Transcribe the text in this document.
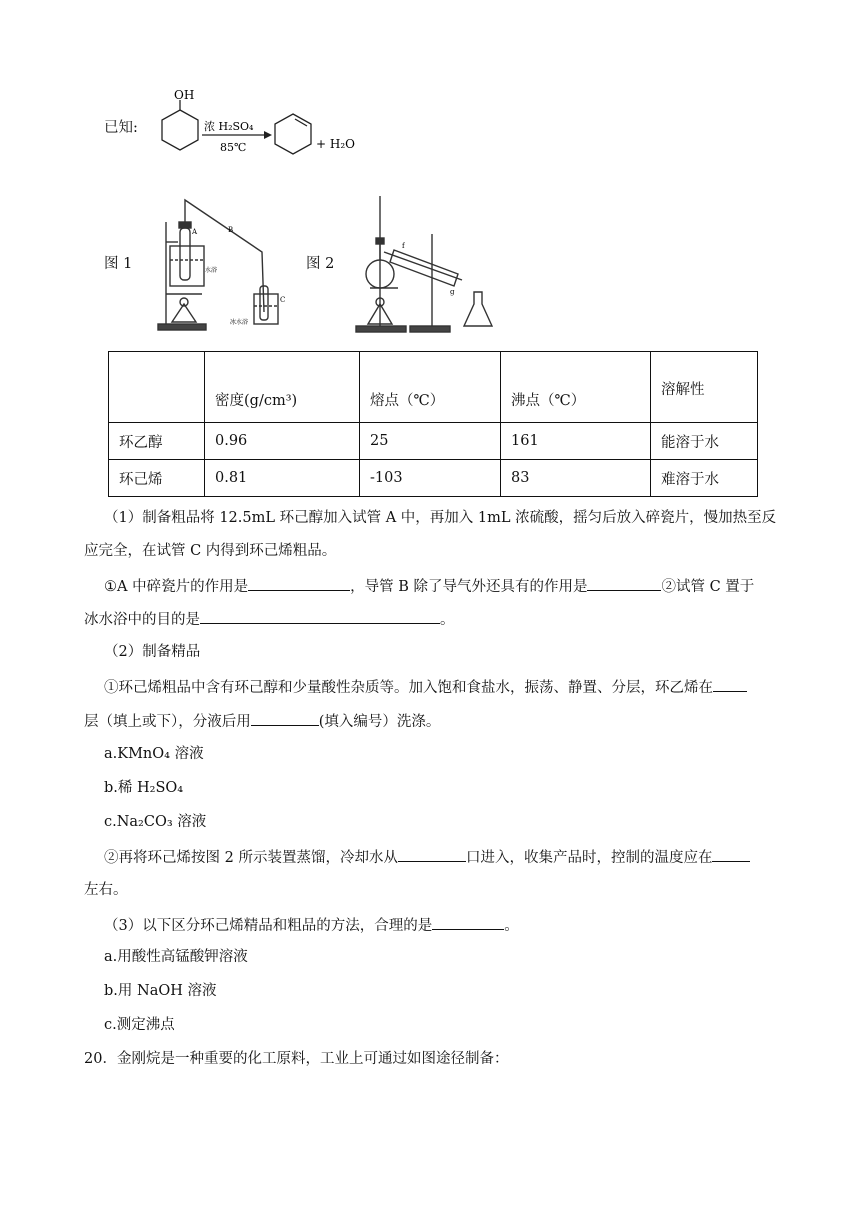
已知:
OH
浓 H₂SO₄
85℃	+ H₂O
图 1	图 2
B
A
C
水浴
冰水浴
f
g
	密度(g/cm³)	熔点（℃）	沸点（℃）	溶解性
环乙醇	0.96	25	161	能溶于水
环己烯	0.81	-103	83	难溶于水
（1）制备粗品将 12.5mL 环己醇加入试管 A 中，再加入 1mL 浓硫酸，摇匀后放入碎瓷片，慢加热至反
应完全，在试管 C 内得到环己烯粗品。
①A 中碎瓷片的作用是	，导管 B 除了导气外还具有的作用是	②试管 C 置于
冰水浴中的目的是	。
（2）制备精品
①环己烯粗品中含有环己醇和少量酸性杂质等。加入饱和食盐水，振荡、静置、分层，环乙烯在
层（填上或下），分液后用	(填入编号）洗涤。
a.KMnO₄ 溶液
b.稀 H₂SO₄
c.Na₂CO₃ 溶液
②再将环己烯按图 2 所示装置蒸馏，冷却水从	口进入，收集产品时，控制的温度应在
左右。
（3）以下区分环己烯精品和粗品的方法，合理的是	。
a.用酸性高锰酸钾溶液
b.用 NaOH 溶液
c.测定沸点
20．金刚烷是一种重要的化工原料，工业上可通过如图途径制备：
